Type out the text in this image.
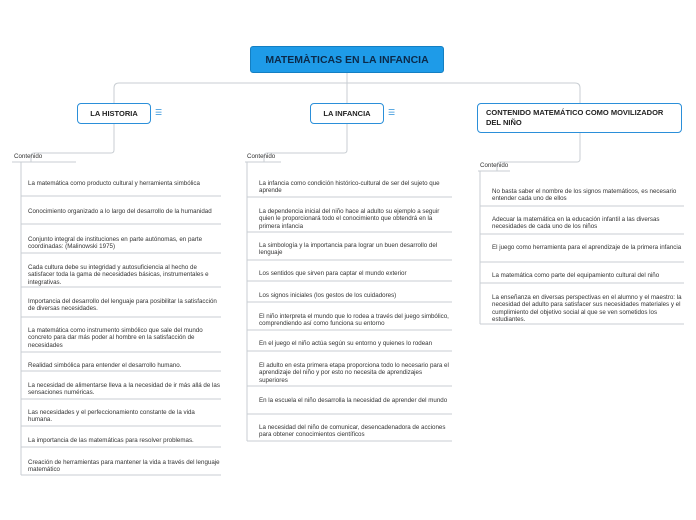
MATEMÀTICAS EN LA INFANCIA
LA HISTORIA ☰	LA INFANCIA ☰	CONTENIDO MATEMÁTICO COMO MOVILIZADOR DEL NIÑO
Contenido	Contenido
Contenido
La matemática como producto cultural y herramienta simbólica
Conocimiento organizado a lo largo del desarrollo de la humanidad
Conjunto integral de instituciones en parte autónomas, en parte coordinadas: (Malinowski 1975)
Cada cultura debe su integridad y autosuficiencia al hecho de satisfacer toda la gama de necesidades básicas, instrumentales e integrativas.
Importancia del desarrollo del lenguaje para posibilitar la satisfacción de diversas necesidades.
La matemática como instrumento simbólico que sale del mundo concreto para dar más poder al hombre en la satisfacción de necesidades
Realidad simbólica para entender el desarrollo humano.
La necesidad de alimentarse lleva a la necesidad de ir más allá de las sensaciones numéricas.
Las necesidades y el perfeccionamiento constante de la vida humana.
La importancia de las matemáticas para resolver problemas.
Creación de herramientas para mantener la vida a través del lenguaje matemático
La infancia como condición histórico-cultural de ser del sujeto que aprende
La dependencia inicial del niño hace al adulto su ejemplo a seguir quien le proporcionará todo el conocimiento que obtendrá en la primera infancia
La simbología y la importancia para lograr un buen desarrollo del lenguaje
Los sentidos que sirven para captar el mundo exterior
Los signos iniciales (los gestos de los cuidadores)
El niño interpreta el mundo que lo rodea a través del juego simbólico, comprendiendo así como funciona su entorno
En el juego el niño actúa según su entorno y quienes lo rodean
El adulto en esta primera etapa proporciona todo lo necesario para el aprendizaje del niño y por esto no necesita de aprendizajes superiores
En la escuela el niño desarrolla la necesidad de aprender del mundo
La necesidad del niño de comunicar, desencadenadora de acciones para obtener conocimientos científicos
No basta saber el nombre de los signos matemáticos, es necesario entender cada uno de ellos
Adecuar la matemática en la educación infantil a las diversas necesidades de cada uno de los niños
El juego como herramienta para el aprendizaje de la primera infancia
La matemática como parte del equipamiento cultural del niño
La enseñanza en diversas perspectivas en el alumno y el maestro: la necesidad del adulto para satisfacer sus necesidades materiales y el cumplimiento del objetivo social al que se ven sometidos los estudiantes.
